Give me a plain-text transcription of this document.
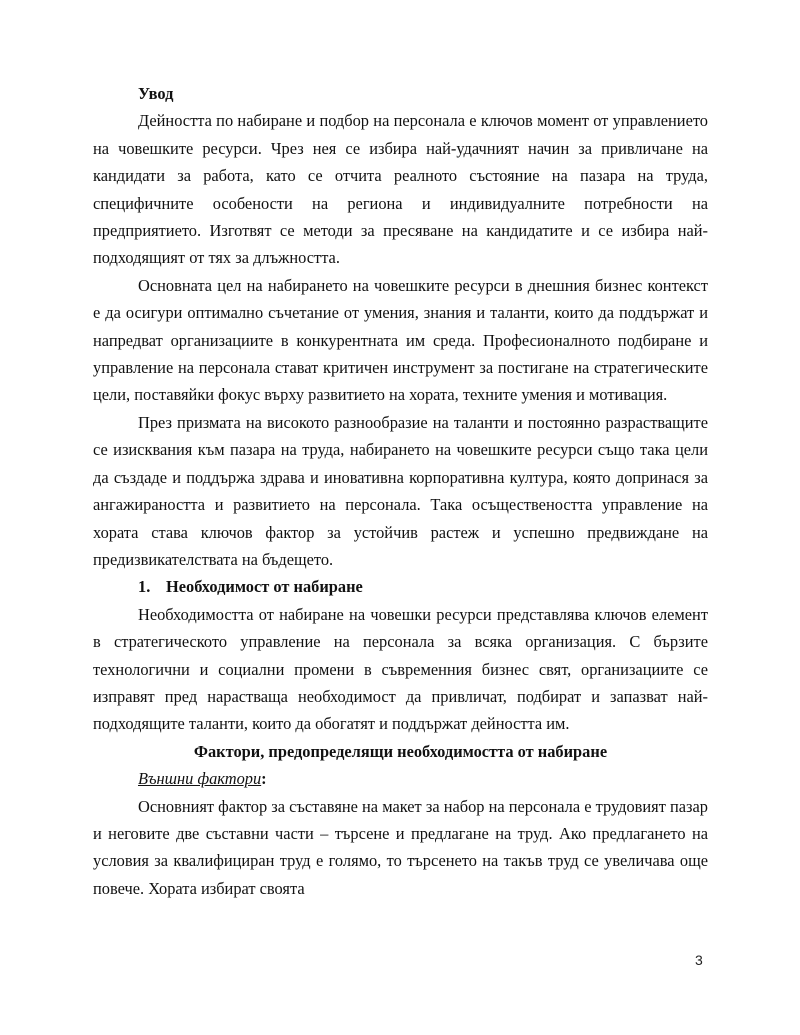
Увод

Дейността по набиране и подбор на персонала е ключов момент от управлението на човешките ресурси. Чрез нея се избира най-удачният начин за привличане на кандидати за работа, като се отчита реалното състояние на пазара на труда, специфичните особености на региона и индивидуалните потребности на предприятието. Изготвят се методи за пресяване на кандидатите и се избира най-подходящият от тях за длъжността.

Основната цел на набирането на човешките ресурси в днешния бизнес контекст е да осигури оптимално съчетание от умения, знания и таланти, които да поддържат и напредват организациите в конкурентната им среда. Професионалното подбиране и управление на персонала стават критичен инструмент за постигане на стратегическите цели, поставяйки фокус върху развитието на хората, техните умения и мотивация.

През призмата на високото разнообразие на таланти и постоянно разрастващите се изисквания към пазара на труда, набирането на човешките ресурси също така цели да създаде и поддържа здрава и иновативна корпоративна култура, която допринася за ангажираността и развитието на персонала. Така осъществеността управление на хората става ключов фактор за устойчив растеж и успешно предвиждане на предизвикателствата на бъдещето.

1. Необходимост от набиране

Необходимостта от набиране на човешки ресурси представлява ключов елемент в стратегическото управление на персонала за всяка организация. С бързите технологични и социални промени в съвременния бизнес свят, организациите се изправят пред нарастваща необходимост да привличат, подбират и запазват най-подходящите таланти, които да обогатят и поддържат дейността им.

Фактори, предопределящи необходимостта от набиране

Външни фактори:

Основният фактор за съставяне на макет за набор на персонала е трудовият пазар и неговите две съставни части – търсене и предлагане на труд. Ако предлагането на условия за квалифициран труд е голямо, то търсенето на такъв труд се увеличава още повече. Хората избират своята

3
